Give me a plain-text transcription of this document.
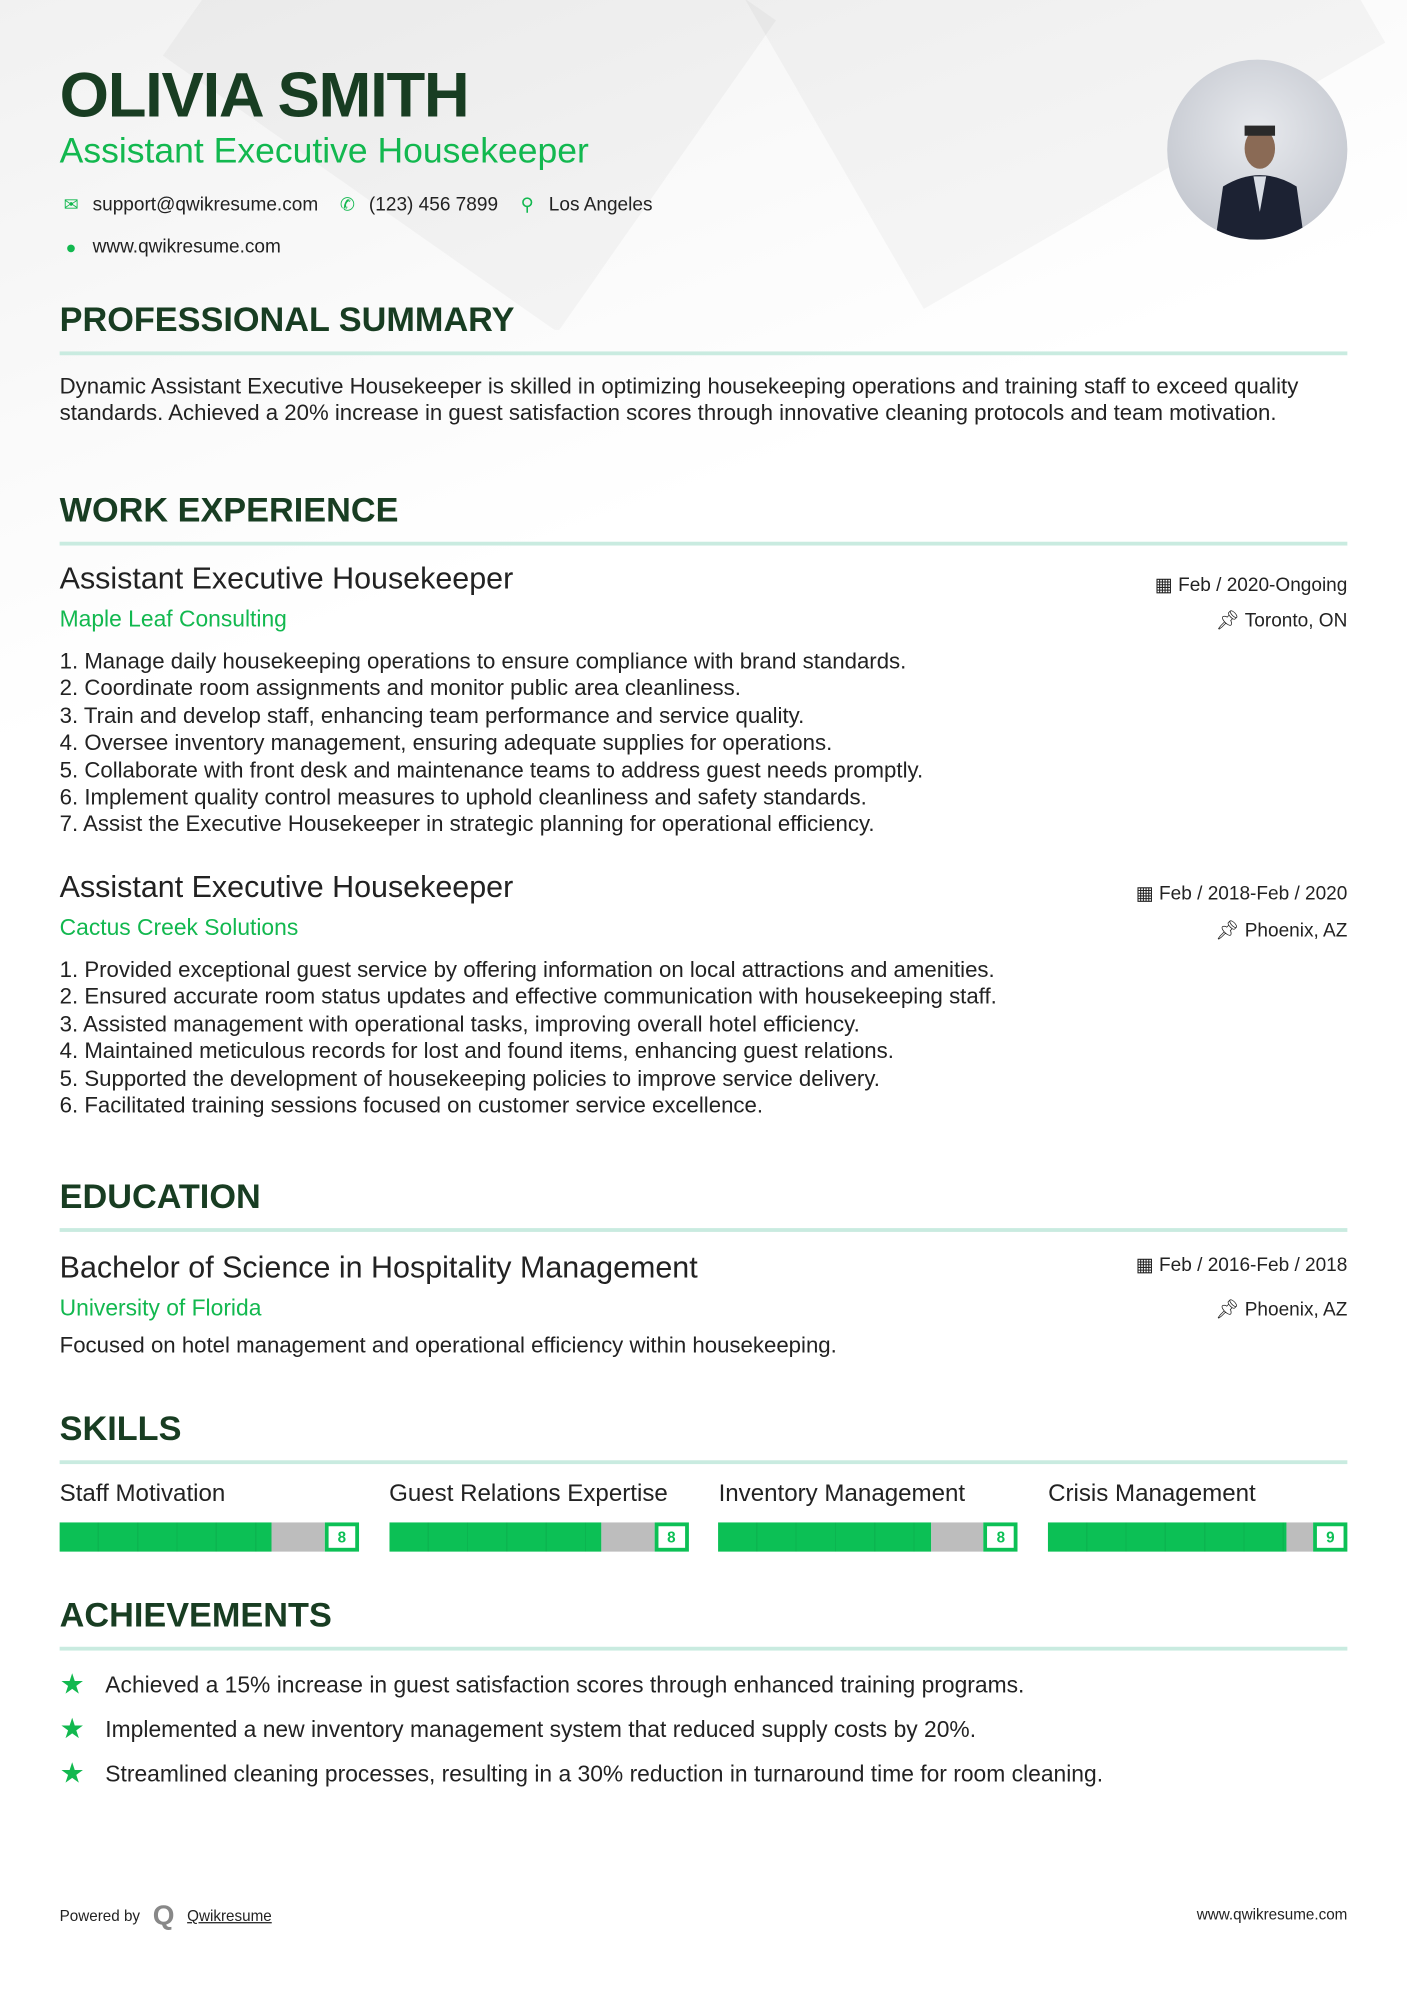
OLIVIA SMITH
Assistant Executive Housekeeper
✉ support@qwikresume.com ✆ (123) 456 7899	⚲	Los Angeles
●	www.qwikresume.com
PROFESSIONAL SUMMARY
Dynamic Assistant Executive Housekeeper is skilled in optimizing housekeeping operations and training staff to exceed quality standards. Achieved a 20% increase in guest satisfaction scores through innovative cleaning protocols and team motivation.
WORK EXPERIENCE
Assistant Executive Housekeeper	▦ Feb / 2020-Ongoing
Maple Leaf Consulting	📌︎ Toronto, ON
1. Manage daily housekeeping operations to ensure compliance with brand standards.
2. Coordinate room assignments and monitor public area cleanliness.
3. Train and develop staff, enhancing team performance and service quality.
4. Oversee inventory management, ensuring adequate supplies for operations.
5. Collaborate with front desk and maintenance teams to address guest needs promptly.
6. Implement quality control measures to uphold cleanliness and safety standards.
7. Assist the Executive Housekeeper in strategic planning for operational efficiency.
Assistant Executive Housekeeper	▦ Feb / 2018-Feb / 2020
Cactus Creek Solutions	📌︎ Phoenix, AZ
1. Provided exceptional guest service by offering information on local attractions and amenities.
2. Ensured accurate room status updates and effective communication with housekeeping staff.
3. Assisted management with operational tasks, improving overall hotel efficiency.
4. Maintained meticulous records for lost and found items, enhancing guest relations.
5. Supported the development of housekeeping policies to improve service delivery.
6. Facilitated training sessions focused on customer service excellence.
EDUCATION
Bachelor of Science in Hospitality Management	▦ Feb / 2016-Feb / 2018
University of Florida	📌︎ Phoenix, AZ
Focused on hotel management and operational efficiency within housekeeping.
SKILLS
Staff Motivation
8
Guest Relations Expertise
8
Inventory Management
8
Crisis Management
9
ACHIEVEMENTS
★	Achieved a 15% increase in guest satisfaction scores through enhanced training programs.
★	Implemented a new inventory management system that reduced supply costs by 20%.
★	Streamlined cleaning processes, resulting in a 30% reduction in turnaround time for room cleaning.
Powered by Q Qwikresume	www.qwikresume.com
